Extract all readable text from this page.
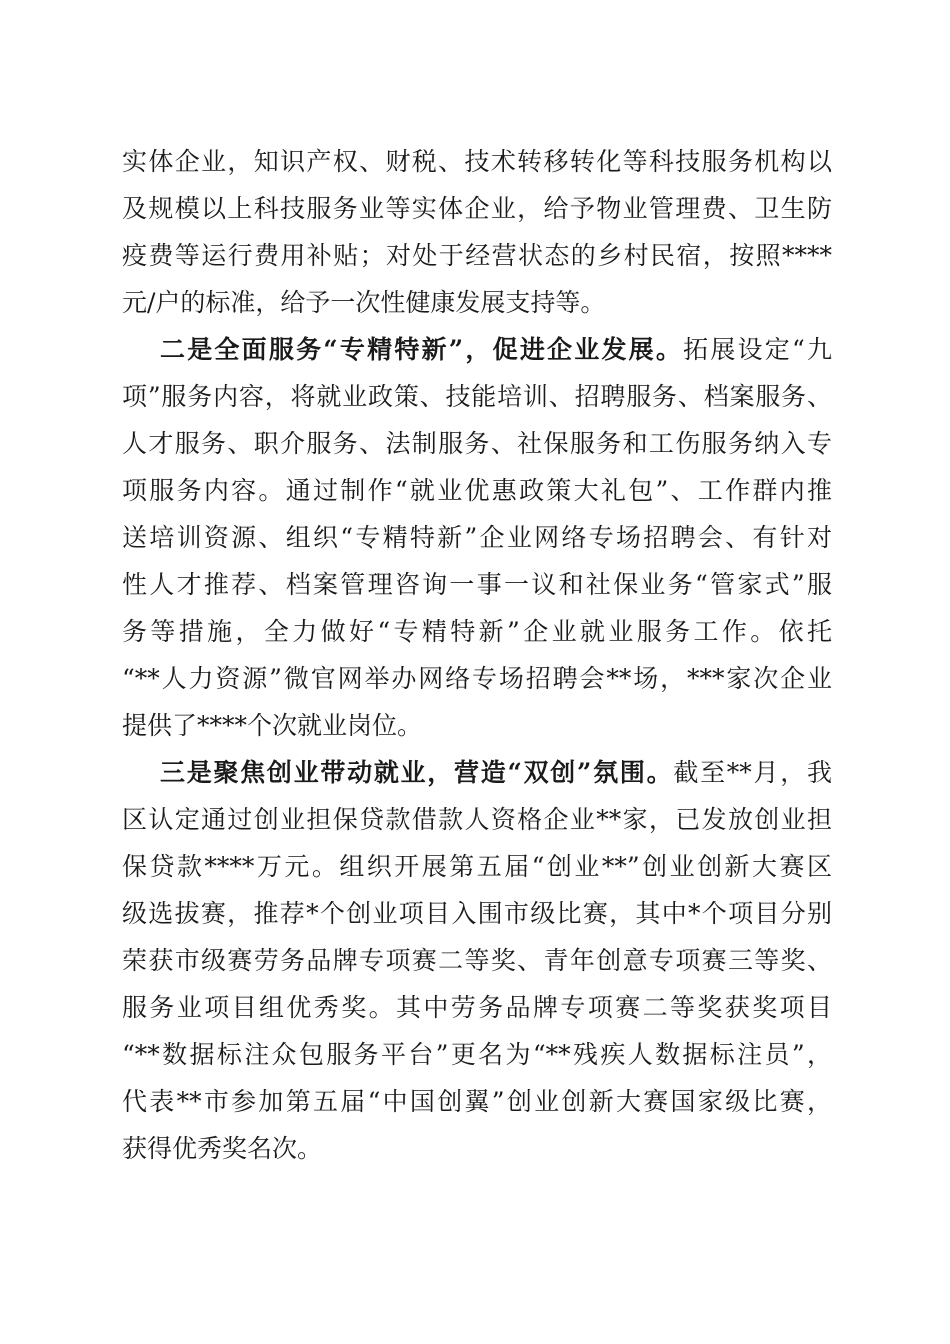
实体企业，知识产权、财税、技术转移转化等科技服务机构以
及规模以上科技服务业等实体企业，给予物业管理费、卫生防
疫费等运行费用补贴；对处于经营状态的乡村民宿，按照****
元/户的标准，给予一次性健康发展支持等。
二是全面服务“专精特新”，促进企业发展。拓展设定“九
项”服务内容，将就业政策、技能培训、招聘服务、档案服务、
人才服务、职介服务、法制服务、社保服务和工伤服务纳入专
项服务内容。通过制作“就业优惠政策大礼包”、工作群内推
送培训资源、组织“专精特新”企业网络专场招聘会、有针对
性人才推荐、档案管理咨询一事一议和社保业务“管家式”服
务等措施，全力做好“专精特新”企业就业服务工作。依托
“**人力资源”微官网举办网络专场招聘会**场，***家次企业
提供了****个次就业岗位。
三是聚焦创业带动就业，营造“双创”氛围。截至**月，我
区认定通过创业担保贷款借款人资格企业**家，已发放创业担
保贷款****万元。组织开展第五届“创业**”创业创新大赛区
级选拔赛，推荐*个创业项目入围市级比赛，其中*个项目分别
荣获市级赛劳务品牌专项赛二等奖、青年创意专项赛三等奖、
服务业项目组优秀奖。其中劳务品牌专项赛二等奖获奖项目
“**数据标注众包服务平台”更名为“**残疾人数据标注员”，
代表**市参加第五届“中国创翼”创业创新大赛国家级比赛，
获得优秀奖名次。
